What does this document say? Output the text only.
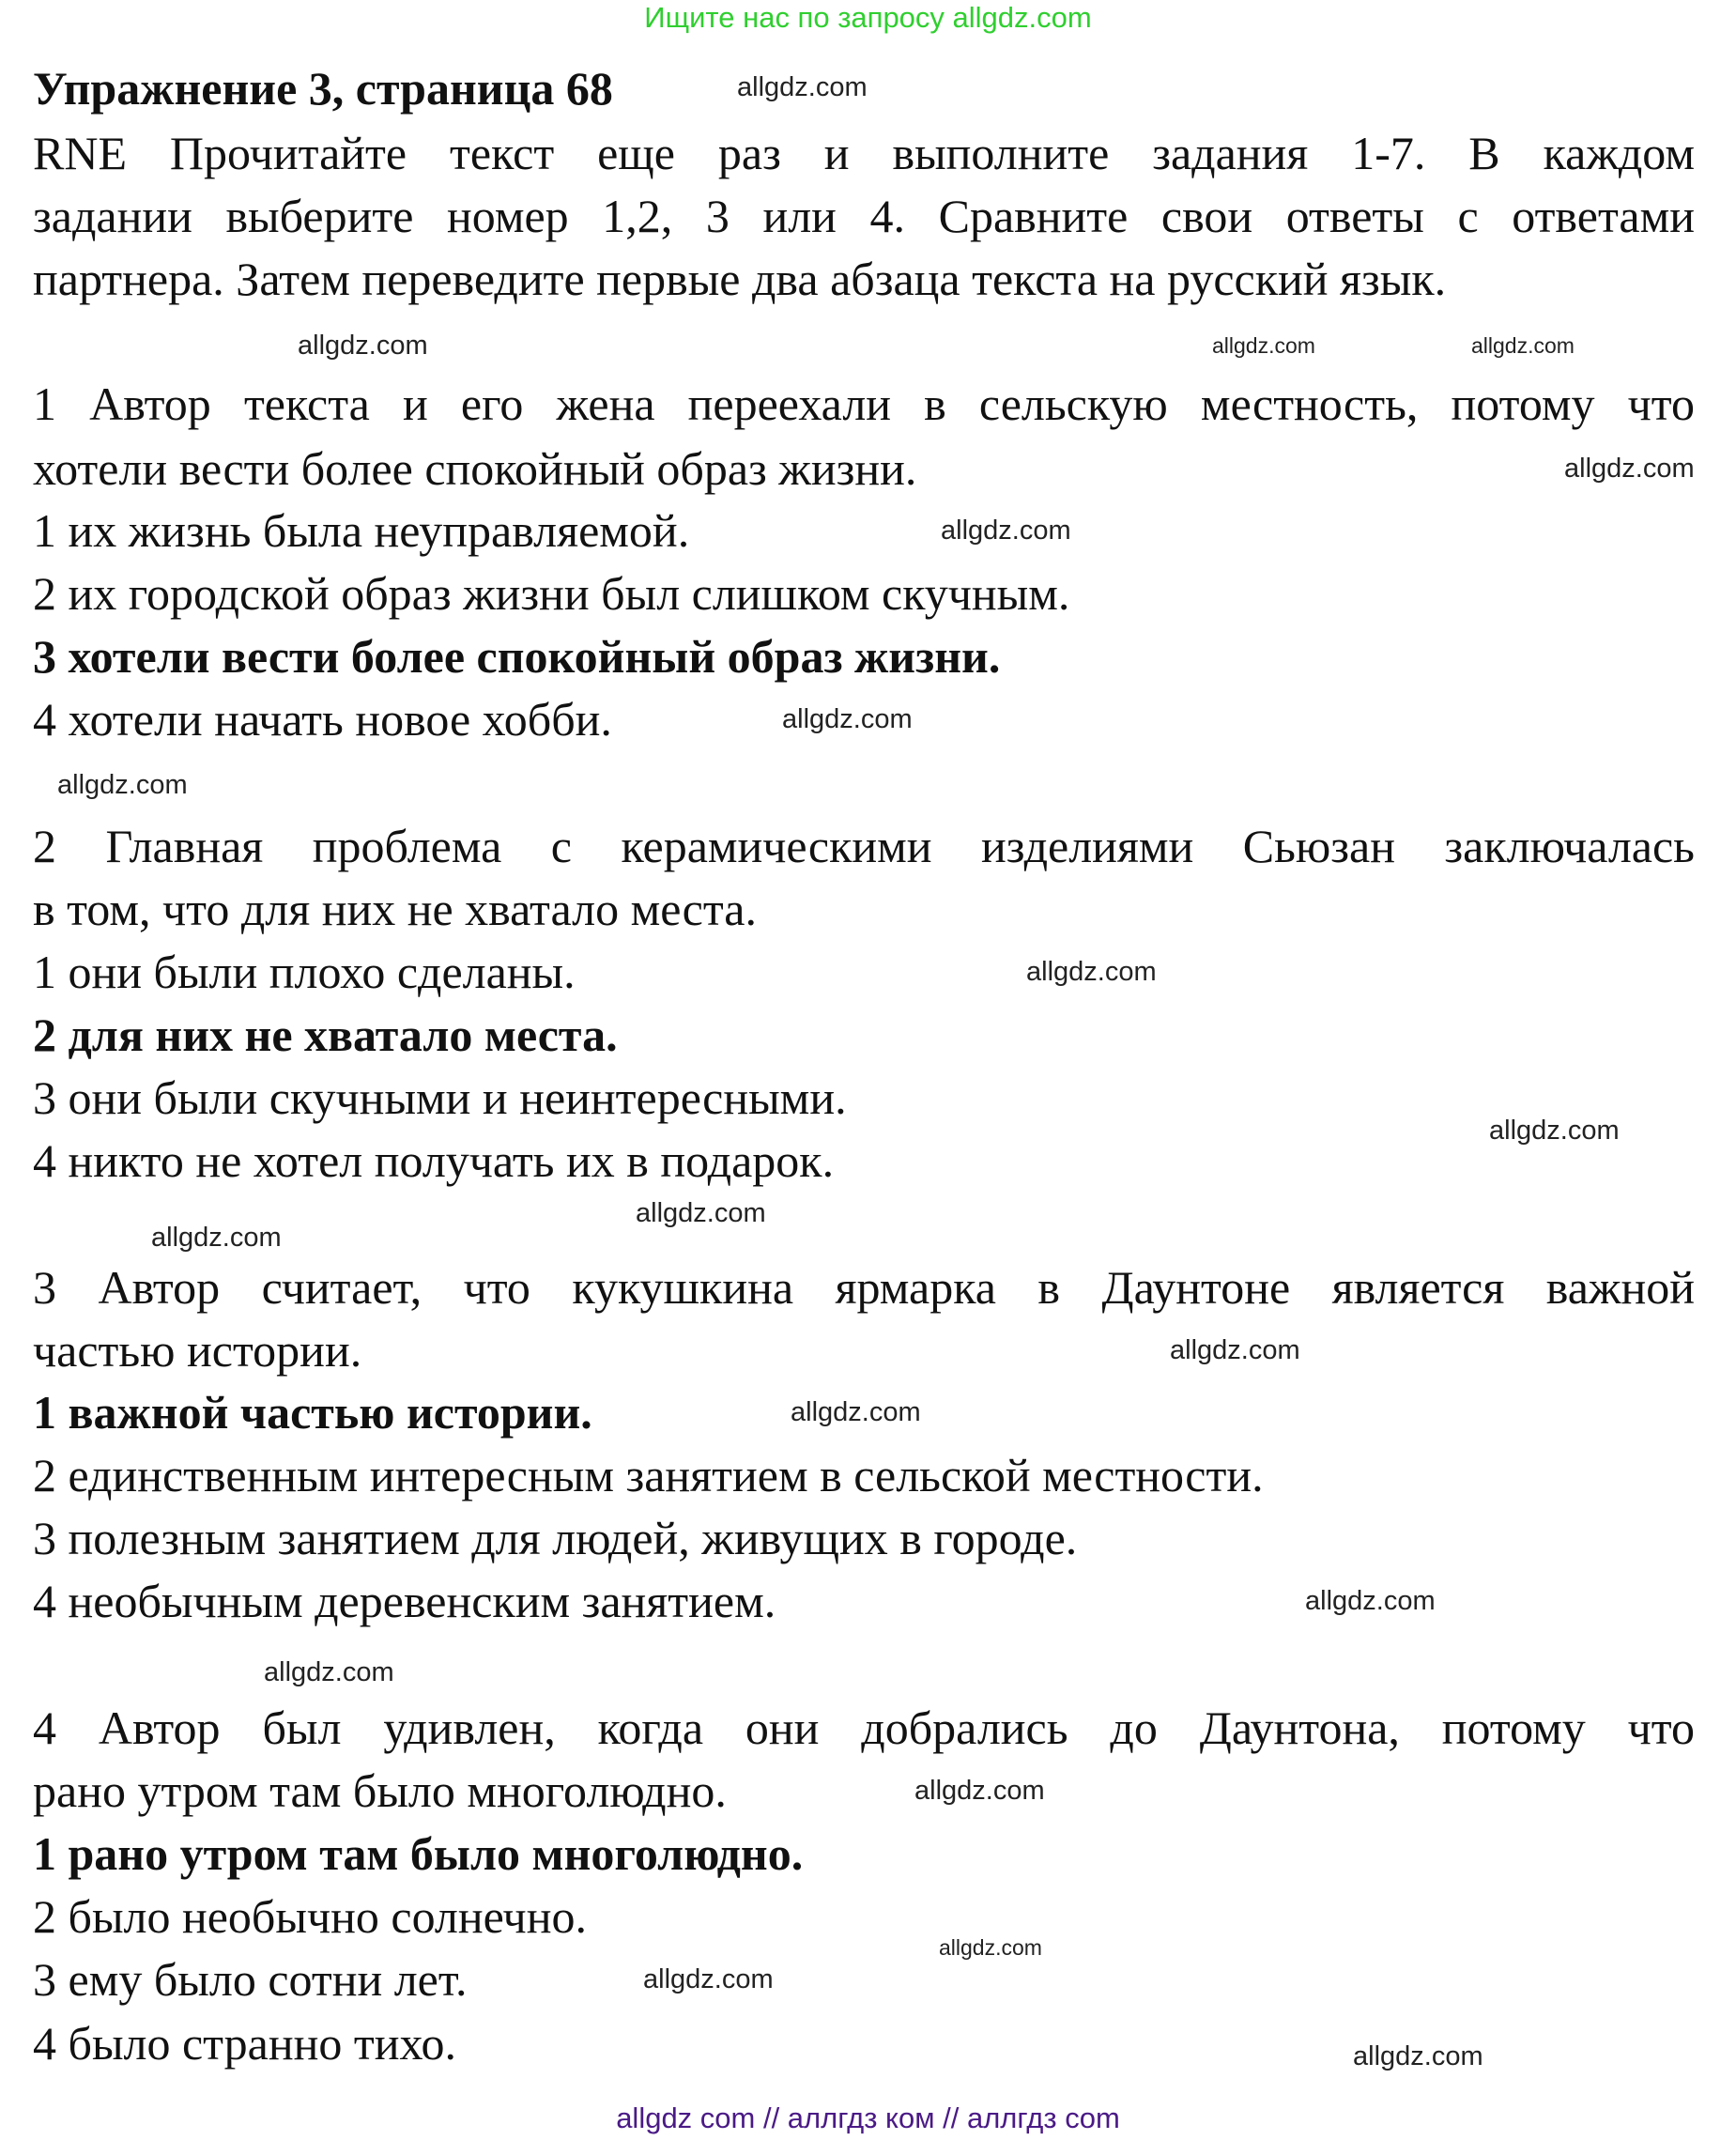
Ищите нас по запросу allgdz.com
Упражнение 3, страница 68
RNE Прочитайте текст еще раз и выполните задания 1-7. В каждом
задании выберите номер 1,2, 3 или 4. Сравните свои ответы с ответами
партнера. Затем переведите первые два абзаца текста на русский язык.
1 Автор текста и его жена переехали в сельскую местность, потому что
хотели вести более спокойный образ жизни.
1 их жизнь была неуправляемой.
2 их городской образ жизни был слишком скучным.
3 хотели вести более спокойный образ жизни.
4 хотели начать новое хобби.
2 Главная проблема с керамическими изделиями Сьюзан заключалась
в том, что для них не хватало места.
1 они были плохо сделаны.
2 для них не хватало места.
3 они были скучными и неинтересными.
4 никто не хотел получать их в подарок.
3 Автор считает, что кукушкина ярмарка в Даунтоне является важной
частью истории.
1 важной частью истории.
2 единственным интересным занятием в сельской местности.
3 полезным занятием для людей, живущих в городе.
4 необычным деревенским занятием.
4 Автор был удивлен, когда они добрались до Даунтона, потому что
рано утром там было многолюдно.
1 рано утром там было многолюдно.
2 было необычно солнечно.
3 ему было сотни лет.
4 было странно тихо.
allgdz.com
allgdz.com
allgdz.com
allgdz.com
allgdz.com
allgdz.com
allgdz.com
allgdz.com
allgdz.com
allgdz.com
allgdz.com
allgdz.com
allgdz.com
allgdz.com
allgdz.com
allgdz.com
allgdz.com
allgdz.com
allgdz.com
allgdz.com
allgdz com // аллгдз ком // аллгдз com
